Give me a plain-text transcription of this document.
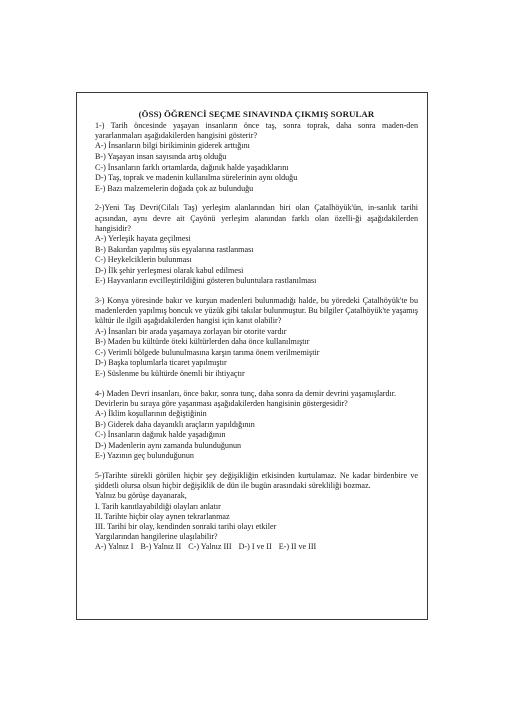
(ÖSS) ÖĞRENCİ SEÇME SINAVINDA ÇIKMIŞ SORULAR
1-) Tarih öncesinde yaşayan insanların önce taş, sonra toprak, daha sonra maden-den yararlanmaları aşağıdakilerden hangisini gösterir?
A-) İnsanların bilgi birikiminin giderek arttığını
B-) Yaşayan insan sayısında artış olduğu
C-) İnsanların farklı ortamlarda, dağınık halde yaşadıklarını
D-) Taş, toprak ve madenin kullanılma sürelerinin aynı olduğu
E-) Bazı malzemelerin doğada çok az bulunduğu
2-)Yeni Taş Devri(Cilalı Taş) yerleşim alanlarından biri olan Çatalhöyük'ün, in-sanlık tarihi açısından, aynı devre ait Çayönü yerleşim alanından farklı olan özelli-ği aşağıdakilerden hangisidir?
A-) Yerleşik hayata geçilmesi
B-) Bakırdan yapılmış süs eşyalarına rastlanması
C-) Heykelciklerin bulunması
D-) İlk şehir yerleşmesi olarak kabul edilmesi
E-) Hayvanların evcilleştirildiğini gösteren buluntulara rastlanılması
3-) Konya yöresinde bakır ve kurşun madenleri bulunmadığı halde, bu yöredeki Çatalhöyük'te bu madenlerden yapılmış boncuk ve yüzük gibi takılar bulunmuştur. Bu bilgiler Çatalhöyük'te yaşamış kültür ile ilgili aşağıdakilerden hangisi için kanıt olabilir?
A-) İnsanları bir arada yaşamaya zorlayan bir otorite vardır
B-) Maden bu kültürde öteki kültürlerden daha önce kullanılmıştır
C-) Verimli bölgede bulunulmasına karşın tarıma önem verilmemiştir
D-) Başka toplumlarla ticaret yapılmıştır
E-) Süslenme bu kültürde önemli bir ihtiyaçtır
4-) Maden Devri insanları, önce bakır, sonra tunç, daha sonra da demir devrini yaşamışlardır.
Devirlerin bu sıraya göre yaşanması aşağıdakilerden hangisinin göstergesidir?
A-) İklim koşullarının değiştiğinin
B-) Giderek daha dayanıklı araçların yapıldığının
C-) İnsanların dağınık halde yaşadığının
D-) Madenlerin aynı zamanda bulunduğunun
E-) Yazının geç bulunduğunun
5-)Tarihte sürekli görülen hiçbir şey değişikliğin etkisinden kurtulamaz. Ne kadar birdenbire ve şiddetli olursa olsun hiçbir değişiklik de dün ile bugün arasındaki sürekliliği bozmaz.
Yalnız bu görüşe dayanarak,
I. Tarih kanıtlayabildiği olayları anlatır
II. Tarihte hiçbir olay aynen tekrarlanmaz
III. Tarihi bir olay, kendinden sonraki tarihi olayı etkiler
Yargılarından hangilerine ulaşılabilir?
A-) Yalnız I B-) Yalnız II C-) Yalnız III D-) I ve II E-) II ve III
